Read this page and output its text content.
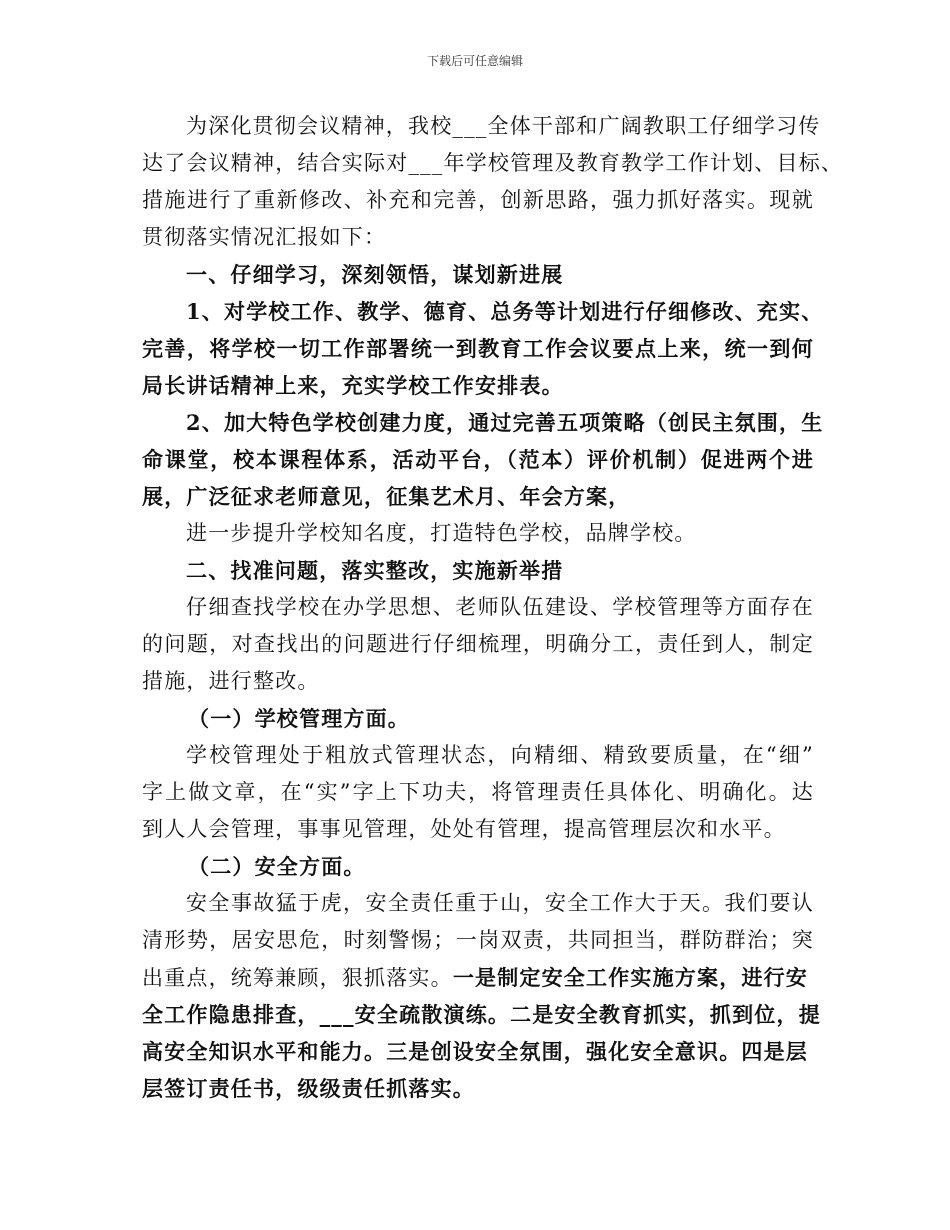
下载后可任意编辑
为深化贯彻会议精神，我校___全体干部和广阔教职工仔细学习传
达了会议精神，结合实际对___年学校管理及教育教学工作计划、目标、
措施进行了重新修改、补充和完善，创新思路，强力抓好落实。现就
贯彻落实情况汇报如下：
一、仔细学习，深刻领悟，谋划新进展
1、对学校工作、教学、德育、总务等计划进行仔细修改、充实、
完善，将学校一切工作部署统一到教育工作会议要点上来，统一到何
局长讲话精神上来，充实学校工作安排表。
2、加大特色学校创建力度，通过完善五项策略（创民主氛围，生
命课堂，校本课程体系，活动平台，（范本）评价机制）促进两个进
展，广泛征求老师意见，征集艺术月、年会方案，
进一步提升学校知名度，打造特色学校，品牌学校。
二、找准问题，落实整改，实施新举措
仔细查找学校在办学思想、老师队伍建设、学校管理等方面存在
的问题，对查找出的问题进行仔细梳理，明确分工，责任到人，制定
措施，进行整改。
（一）学校管理方面。
学校管理处于粗放式管理状态，向精细、精致要质量，在“细”
字上做文章，在“实”字上下功夫，将管理责任具体化、明确化。达
到人人会管理，事事见管理，处处有管理，提高管理层次和水平。
（二）安全方面。
安全事故猛于虎，安全责任重于山，安全工作大于天。我们要认
清形势，居安思危，时刻警惕；一岗双责，共同担当，群防群治；突
出重点，统筹兼顾，狠抓落实。一是制定安全工作实施方案，进行安
全工作隐患排查，___安全疏散演练。二是安全教育抓实，抓到位，提
高安全知识水平和能力。三是创设安全氛围，强化安全意识。四是层
层签订责任书，级级责任抓落实。
